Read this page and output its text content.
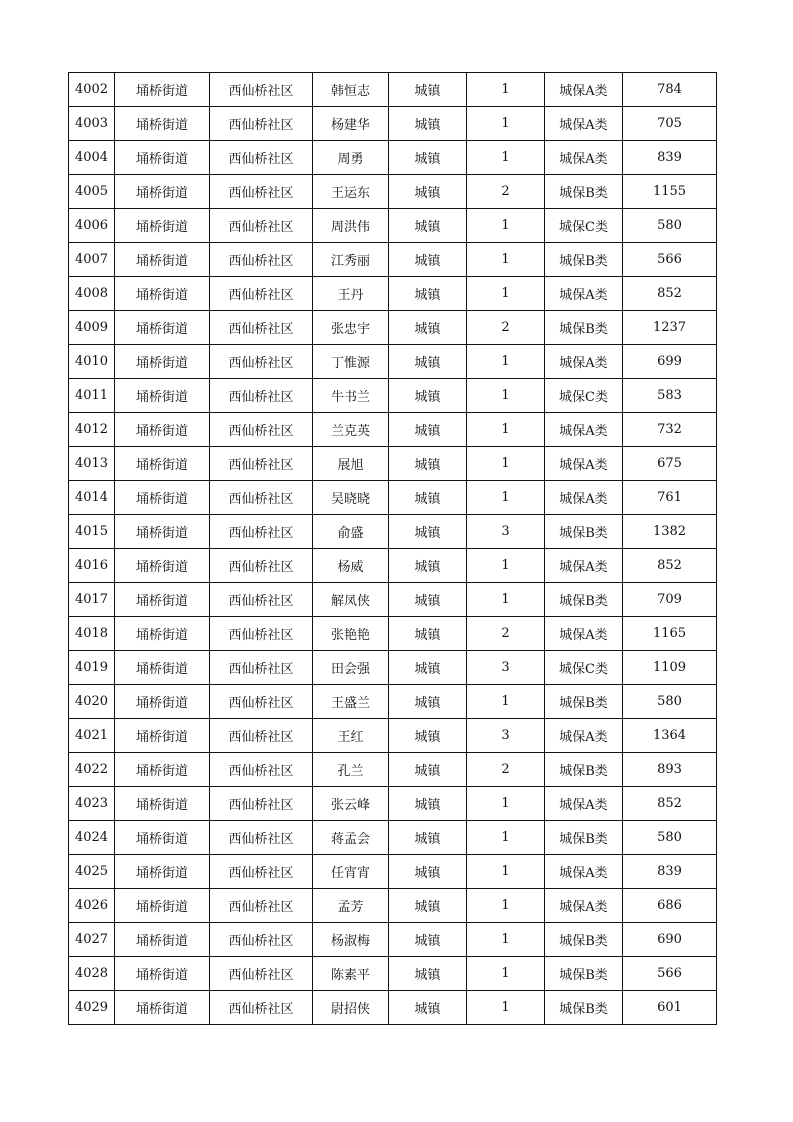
4002	埇桥街道	西仙桥社区	韩恒志	城镇	1	城保A类	784
4003	埇桥街道	西仙桥社区	杨建华	城镇	1	城保A类	705
4004	埇桥街道	西仙桥社区	周勇	城镇	1	城保A类	839
4005	埇桥街道	西仙桥社区	王运东	城镇	2	城保B类	1155
4006	埇桥街道	西仙桥社区	周洪伟	城镇	1	城保C类	580
4007	埇桥街道	西仙桥社区	江秀丽	城镇	1	城保B类	566
4008	埇桥街道	西仙桥社区	王丹	城镇	1	城保A类	852
4009	埇桥街道	西仙桥社区	张忠宇	城镇	2	城保B类	1237
4010	埇桥街道	西仙桥社区	丁惟源	城镇	1	城保A类	699
4011	埇桥街道	西仙桥社区	牛书兰	城镇	1	城保C类	583
4012	埇桥街道	西仙桥社区	兰克英	城镇	1	城保A类	732
4013	埇桥街道	西仙桥社区	展旭	城镇	1	城保A类	675
4014	埇桥街道	西仙桥社区	吴晓晓	城镇	1	城保A类	761
4015	埇桥街道	西仙桥社区	俞盛	城镇	3	城保B类	1382
4016	埇桥街道	西仙桥社区	杨威	城镇	1	城保A类	852
4017	埇桥街道	西仙桥社区	解凤侠	城镇	1	城保B类	709
4018	埇桥街道	西仙桥社区	张艳艳	城镇	2	城保A类	1165
4019	埇桥街道	西仙桥社区	田会强	城镇	3	城保C类	1109
4020	埇桥街道	西仙桥社区	王盛兰	城镇	1	城保B类	580
4021	埇桥街道	西仙桥社区	王红	城镇	3	城保A类	1364
4022	埇桥街道	西仙桥社区	孔兰	城镇	2	城保B类	893
4023	埇桥街道	西仙桥社区	张云峰	城镇	1	城保A类	852
4024	埇桥街道	西仙桥社区	蒋孟会	城镇	1	城保B类	580
4025	埇桥街道	西仙桥社区	任宵宵	城镇	1	城保A类	839
4026	埇桥街道	西仙桥社区	孟芳	城镇	1	城保A类	686
4027	埇桥街道	西仙桥社区	杨淑梅	城镇	1	城保B类	690
4028	埇桥街道	西仙桥社区	陈素平	城镇	1	城保B类	566
4029	埇桥街道	西仙桥社区	尉招侠	城镇	1	城保B类	601
